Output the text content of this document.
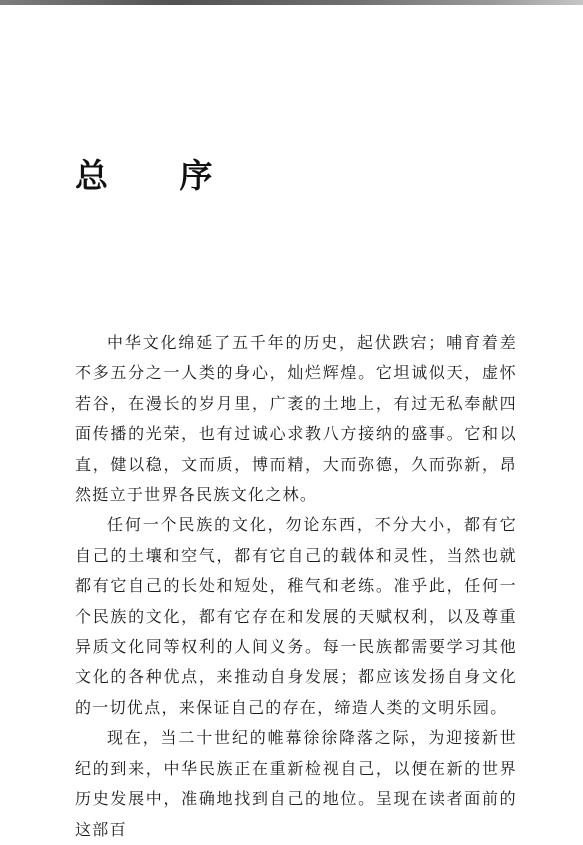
总 序

中华文化绵延了五千年的历史，起伏跌宕；哺育着差不多五分之一人类的身心，灿烂辉煌。它坦诚似天，虚怀若谷，在漫长的岁月里，广袤的土地上，有过无私奉献四面传播的光荣，也有过诚心求教八方接纳的盛事。它和以直，健以稳，文而质，博而精，大而弥德，久而弥新，昂然挺立于世界各民族文化之林。

任何一个民族的文化，勿论东西，不分大小，都有它自己的土壤和空气，都有它自己的载体和灵性，当然也就都有它自己的长处和短处，稚气和老练。准乎此，任何一个民族的文化，都有它存在和发展的天赋权利，以及尊重异质文化同等权利的人间义务。每一民族都需要学习其他文化的各种优点，来推动自身发展；都应该发扬自身文化的一切优点，来保证自己的存在，缔造人类的文明乐园。

现在，当二十世纪的帷幕徐徐降落之际，为迎接新世纪的到来，中华民族正在重新检视自己，以便在新的世界历史发展中，准确地找到自己的地位。呈现在读者面前的这部百
